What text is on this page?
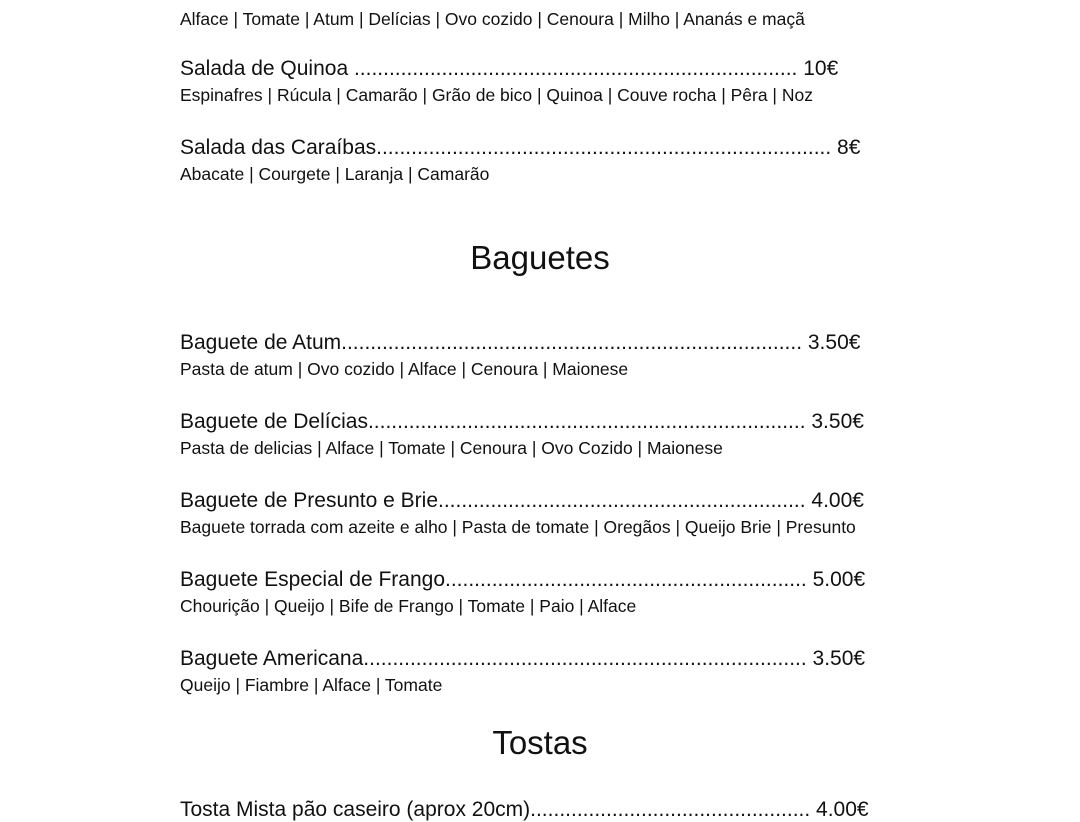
Alface | Tomate | Atum | Delícias | Ovo cozido | Cenoura | Milho | Ananás e maçã
Salada de Quinoa ............................................................................ 10€
Espinafres | Rúcula | Camarão | Grão de bico | Quinoa | Couve rocha | Pêra | Noz
Salada das Caraíbas.............................................................................. 8€
Abacate | Courgete | Laranja | Camarão
Baguetes
Baguete de Atum............................................................................... 3.50€
Pasta de atum | Ovo cozido | Alface | Cenoura | Maionese
Baguete de Delícias........................................................................... 3.50€
Pasta de delicias | Alface | Tomate | Cenoura | Ovo Cozido | Maionese
Baguete de Presunto e Brie............................................................... 4.00€
Baguete torrada com azeite e alho | Pasta de tomate | Oregãos | Queijo Brie | Presunto
Baguete Especial de Frango.............................................................. 5.00€
Chourição | Queijo | Bife de Frango | Tomate | Paio | Alface
Baguete Americana............................................................................ 3.50€
Queijo | Fiambre | Alface | Tomate
Tostas
Tosta Mista pão caseiro (aprox 20cm)................................................ 4.00€
